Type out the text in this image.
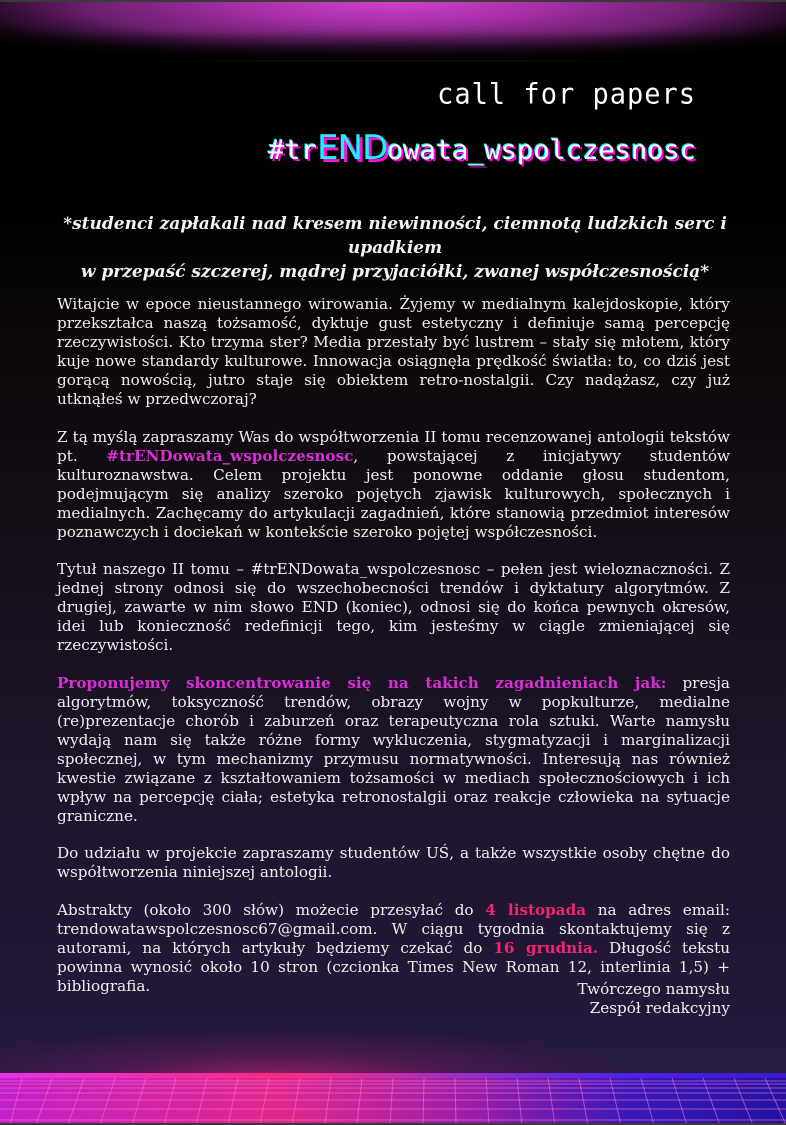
call for papers
#trENDowata_wspolczesnosc
*studenci zapłakali nad kresem niewinności, ciemnotą ludzkich serc i upadkiem
w przepaść szczerej, mądrej przyjaciółki, zwanej współczesnością*

Witajcie w epoce nieustannego wirowania. Żyjemy w medialnym kalejdoskopie, który przekształca naszą tożsamość, dyktuje gust estetyczny i definiuje samą percepcję rzeczywistości. Kto trzyma ster? Media przestały być lustrem – stały się młotem, który kuje nowe standardy kulturowe. Innowacja osiągnęła prędkość światła: to, co dziś jest gorącą nowością, jutro staje się obiektem retro-nostalgii. Czy nadążasz, czy już utknąłeś w przedwczoraj?

Z tą myślą zapraszamy Was do współtworzenia II tomu recenzowanej antologii tekstów pt. #trENDowata_wspolczesnosc, powstającej z inicjatywy studentów kulturoznawstwa. Celem projektu jest ponowne oddanie głosu studentom, podejmującym się analizy szeroko pojętych zjawisk kulturowych, społecznych i medialnych. Zachęcamy do artykulacji zagadnień, które stanowią przedmiot interesów poznawczych i dociekań w kontekście szeroko pojętej współczesności.

Tytuł naszego II tomu – #trENDowata_wspolczesnosc – pełen jest wieloznaczności. Z jednej strony odnosi się do wszechobecności trendów i dyktatury algorytmów. Z drugiej, zawarte w nim słowo END (koniec), odnosi się do końca pewnych okresów, idei lub konieczność redefinicji tego, kim jesteśmy w ciągle zmieniającej się rzeczywistości.

Proponujemy skoncentrowanie się na takich zagadnieniach jak: presja algorytmów, toksyczność trendów, obrazy wojny w popkulturze, medialne (re)prezentacje chorób i zaburzeń oraz terapeutyczna rola sztuki. Warte namysłu wydają nam się także różne formy wykluczenia, stygmatyzacji i marginalizacji społecznej, w tym mechanizmy przymusu normatywności. Interesują nas również kwestie związane z kształtowaniem tożsamości w mediach społecznościowych i ich wpływ na percepcję ciała; estetyka retronostalgii oraz reakcje człowieka na sytuacje graniczne.

Do udziału w projekcie zapraszamy studentów UŚ, a także wszystkie osoby chętne do współtworzenia niniejszej antologii.

Abstrakty (około 300 słów) możecie przesyłać do 4 listopada na adres email: trendowatawspolczesnosc67@gmail.com. W ciągu tygodnia skontaktujemy się z autorami, na których artykuły będziemy czekać do 16 grudnia. Długość tekstu powinna wynosić około 10 stron (czcionka Times New Roman 12, interlinia 1,5) + bibliografia.	Twórczego namysłu
Zespół redakcyjny
